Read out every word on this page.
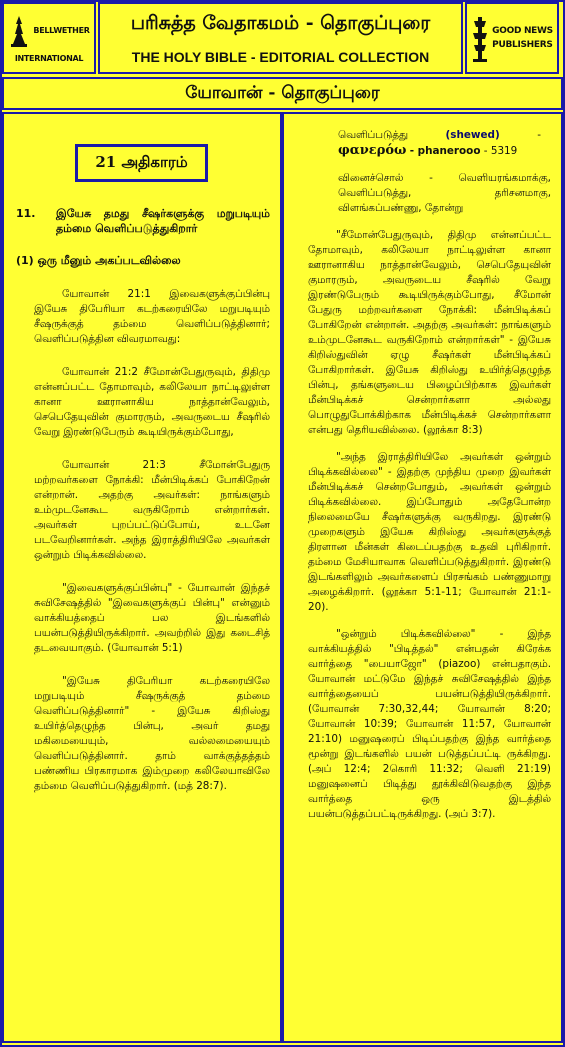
BELLWETHER
INTERNATIONAL
பரிசுத்த வேதாகமம் - தொகுப்புரை
THE HOLY BIBLE - EDITORIAL COLLECTION
GOOD NEWS
PUBLISHERS
யோவான் - தொகுப்புரை
21 அதிகாரம்
11.	இயேசு தமது சீஷர்களுக்கு மறுபடியும் தம்மை வெளிப்படுத்துகிறார்
(1) ஒரு மீனும் அகப்படவில்லை

யோவான் 21:1 இவைகளுக்குப்பின்பு இயேசு திபேரியா கடற்கரையிலே மறுபடியும் சீஷருக்குத் தம்மை வெளிப்படுத்தினார்; வெளிப்படுத்தின விவரமாவது:

யோவான் 21:2 சீமோன்பேதுருவும், திதிமு என்னப்பட்ட தோமாவும், கலிலேயா நாட்டிலுள்ள கானா ஊரானாகிய நாத்தான்வேலும், செபெதேயுவின் குமாரரும், அவருடைய சீஷரில் வேறு இரண்டுபேரும் கூடியிருக்கும்போது,

யோவான் 21:3 சீமோன்பேதுரு மற்றவர்களை நோக்கி: மீன்பிடிக்கப் போகிறேன் என்றான். அதற்கு அவர்கள்: நாங்களும் உம்முடனேகூட வருகிறோம் என்றார்கள். அவர்கள் புறப்பட்டுப்போய், உடனே படவேறினார்கள். அந்த இராத்திரியிலே அவர்கள் ஒன்றும் பிடிக்கவில்லை.

"இவைகளுக்குப்பின்பு" - யோவான் இந்தச் சுவிசேஷத்தில் "இவைகளுக்குப் பின்பு" என்னும் வாக்கியத்தைப் பல இடங்களில் பயன்படுத்தியிருக்கிறார். அவற்றில் இது கடைசித் தடவையாகும். (யோவான் 5:1)

"இயேசு திபேரியா கடற்கரையிலே மறுபடியும் சீஷருக்குத் தம்மை வெளிப்படுத்தினார்" - இயேசு கிறிஸ்து உயிர்த்தெழுந்த பின்பு, அவர் தமது மகிமையையும், வல்லமையையும் வெளிப்படுத்தினார். தாம் வாக்குத்தத்தம் பண்ணிய பிரகாரமாக இம்முறை கலிலேயாவிலே தம்மை வெளிப்படுத்துகிறார். (மத் 28:7).

வெளிப்படுத்து	(shewed)	-
φανερόω - phanerooo - 5319

வினைச்சொல் - வெளியரங்கமாக்கு, வெளிப்படுத்து, தரிசனமாகு, விளங்கப்பண்ணு, தோன்று

"சீமோன்பேதுருவும், திதிமு என்னப்பட்ட தோமாவும், கலிலேயா நாட்டிலுள்ள கானா ஊரானாகிய நாத்தான்வேலும், செபெதேயுவின் குமாரரும், அவருடைய சீஷரில் வேறு இரண்டுபேரும் கூடியிருக்கும்போது, சீமோன் பேதுரு மற்றவர்களை நோக்கி: மீன்பிடிக்கப் போகிறேன் என்றான். அதற்கு அவர்கள்: நாங்களும் உம்முடனேகூட வருகிறோம் என்றார்கள்" - இயேசு கிறிஸ்துவின் ஏழு சீஷர்கள் மீன்பிடிக்கப் போகிறார்கள். இயேசு கிறிஸ்து உயிர்த்தெழுந்த பின்பு, தங்களுடைய பிழைப்பிற்காக இவர்கள் மீன்பிடிக்கச் சென்றார்களா அல்லது பொழுதுபோக்கிற்காக மீன்பிடிக்கச் சென்றார்களா என்பது தெரியவில்லை. (லூக்கா 8:3)

"அந்த இராத்திரியிலே அவர்கள் ஒன்றும் பிடிக்கவில்லை" - இதற்கு முந்திய முறை இவர்கள் மீன்பிடிக்கச் சென்றபோதும், அவர்கள் ஒன்றும் பிடிக்கவில்லை. இப்போதும் அதேபோன்ற நிலைமையே சீஷர்களுக்கு வருகிறது. இரண்டு முறைகளும் இயேசு கிறிஸ்து அவர்களுக்குத் திரளான மீன்கள் கிடைப்பதற்கு உதவி புரிகிறார். தம்மை மேசியாவாக வெளிப்படுத்துகிறார். இரண்டு இடங்களிலும் அவர்களைப் பிரசங்கம் பண்ணுமாறு அழைக்கிறார். (லூக்கா 5:1-11; யோவான் 21:1-20).

"ஒன்றும் பிடிக்கவில்லை" - இந்த வாக்கியத்தில் "பிடித்தல்" என்பதன் கிரேக்க வார்த்தை "பையாஜோ" (piazoo) என்பதாகும். யோவான் மட்டுமே இந்தச் சுவிசேஷத்தில் இந்த வார்த்தையைப் பயன்படுத்தியிருக்கிறார். (யோவான் 7:30,32,44; யோவான் 8:20; யோவான் 10:39; யோவான் 11:57, யோவான் 21:10) மனுஷரைப் பிடிப்பதற்கு இந்த வார்த்தை மூன்று இடங்களில் பயன் படுத்தப்பட்டி ருக்கிறது. (அப் 12:4; 2கொரி 11:32; வெளி 21:19) மனுஷனைப் பிடித்து தூக்கிவிடுவதற்கு இந்த வார்த்தை ஒரு இடத்தில் பயன்படுத்தப்பட்டிருக்கிறது. (அப் 3:7).
